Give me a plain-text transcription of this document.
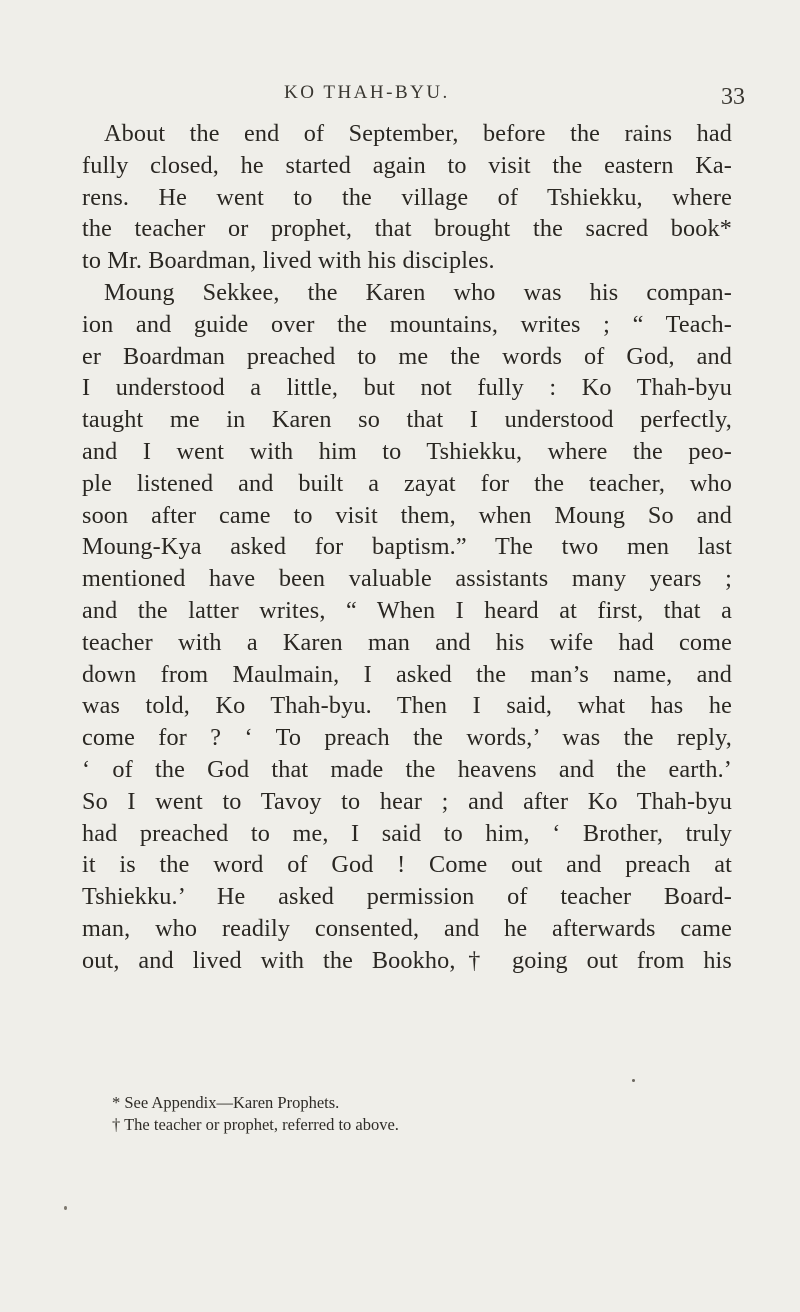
KO THAH-BYU.	33
About the end of September, before the rains had
fully closed, he started again to visit the eastern Ka-
rens. He went to the village of Tshiekku, where
the teacher or prophet, that brought the sacred book*
to Mr. Boardman, lived with his disciples.
Moung Sekkee, the Karen who was his compan-
ion and guide over the mountains, writes ; “ Teach-
er Boardman preached to me the words of God, and
I understood a little, but not fully : Ko Thah-byu
taught me in Karen so that I understood perfectly,
and I went with him to Tshiekku, where the peo-
ple listened and built a zayat for the teacher, who
soon after came to visit them, when Moung So and
Moung-Kya asked for baptism.” The two men last
mentioned have been valuable assistants many years ;
and the latter writes, “ When I heard at first, that a
teacher with a Karen man and his wife had come
down from Maulmain, I asked the man’s name, and
was told, Ko Thah-byu. Then I said, what has he
come for ? ‘ To preach the words,’ was the reply,
‘ of the God that made the heavens and the earth.’
So I went to Tavoy to hear ; and after Ko Thah-byu
had preached to me, I said to him, ‘ Brother, truly
it is the word of God ! Come out and preach at
Tshiekku.’ He asked permission of teacher Board-
man, who readily consented, and he afterwards came
out, and lived with the Bookho,† going out from his
* See Appendix—Karen Prophets.
† The teacher or prophet, referred to above.
